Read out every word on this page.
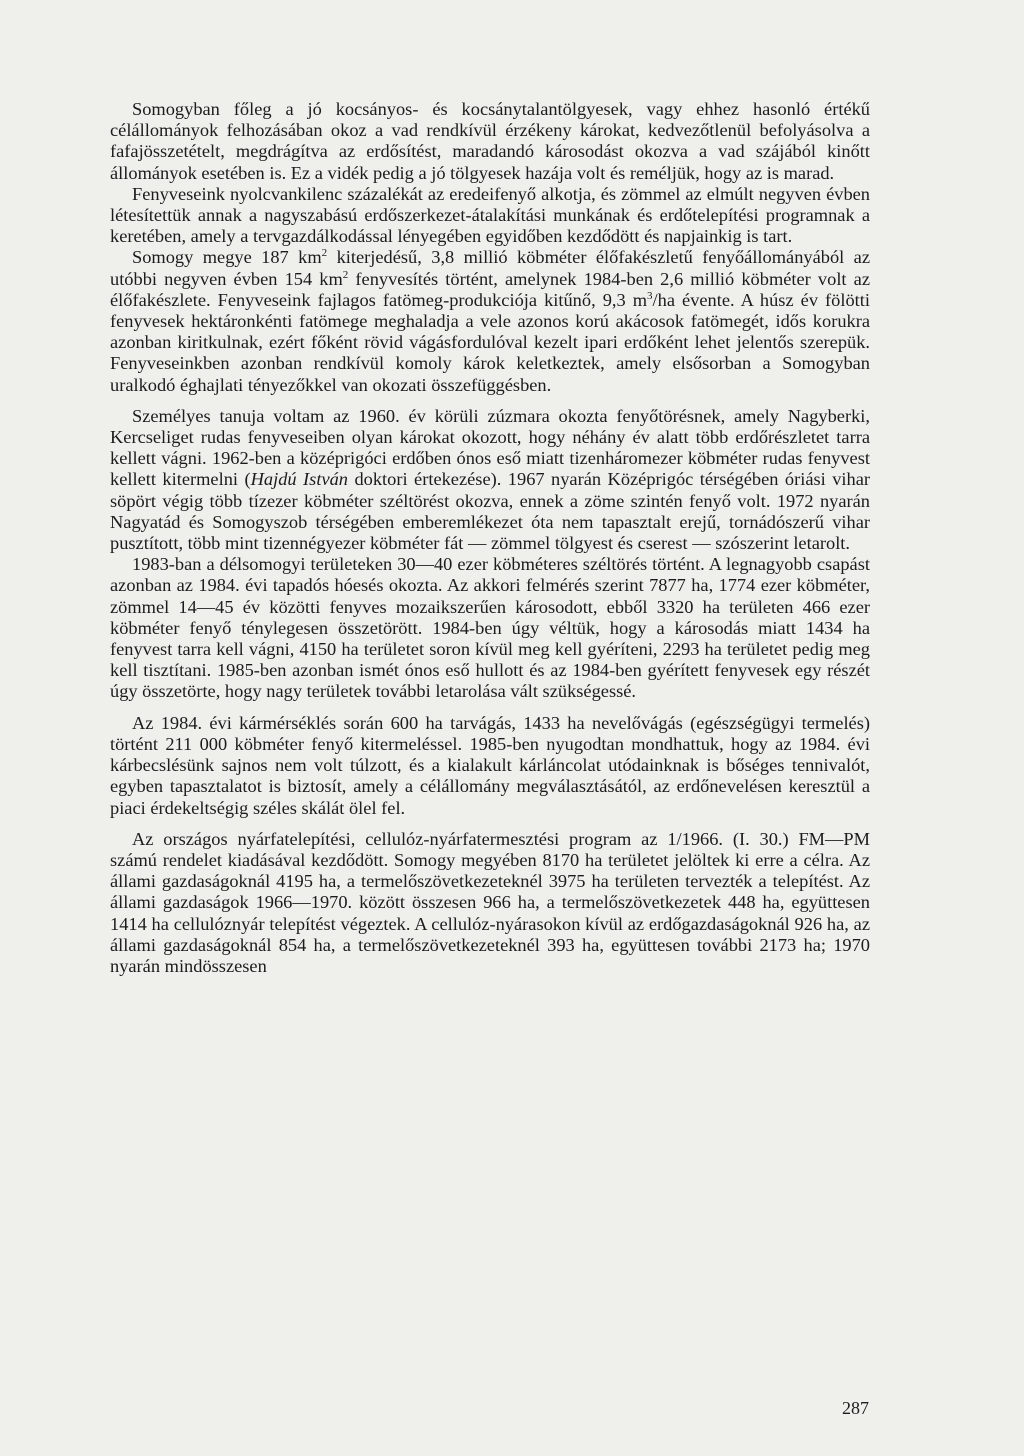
Somogyban főleg a jó kocsányos- és kocsánytalantölgyesek, vagy ehhez hasonló értékű célállományok felhozásában okoz a vad rendkívül érzékeny károkat, kedvezőtlenül befolyásolva a fafajösszetételt, megdrágítva az erdősítést, maradandó károsodást okozva a vad szájából kinőtt állományok esetében is. Ez a vidék pedig a jó tölgyesek hazája volt és reméljük, hogy az is marad.

Fenyveseink nyolcvankilenc százalékát az eredeifenyő alkotja, és zömmel az elmúlt negyven évben létesítettük annak a nagyszabású erdőszerkezet-átalakítási munkának és erdőtelepítési programnak a keretében, amely a tervgazdálkodással lényegében egyidőben kezdődött és napjainkig is tart.

Somogy megye 187 $km^2$ kiterjedésű, 3,8 millió köbméter élőfakészletű fenyőállományából az utóbbi negyven évben 154 $km^2$ fenyvesítés történt, amelynek 1984-ben 2,6 millió köbméter volt az élőfakészlete. Fenyveseink fajlagos fatömeg-produkciója kitűnő, 9,3 $m^3/ha$ évente. A húsz év fölötti fenyvesek hektáronkénti fatömege meghaladja a vele azonos korú akácosok fatömegét, idős korukra azonban kiritkulnak, ezért főként rövid vágásfordulóval kezelt ipari erdőként lehet jelentős szerepük. Fenyveseinkben azonban rendkívül komoly károk keletkeztek, amely elsősorban a Somogyban uralkodó éghajlati tényezőkkel van okozati összefüggésben.

Személyes tanuja voltam az 1960. év körüli zúzmara okozta fenyőtörésnek, amely Nagyberki, Kercseliget rudas fenyveseiben olyan károkat okozott, hogy néhány év alatt több erdőrészletet tarra kellett vágni. 1962-ben a középrigóci erdőben ónos eső miatt tizenháromezer köbméter rudas fenyvest kellett kitermelni (Hajdú István doktori értekezése). 1967 nyarán Középrigóc térségében óriási vihar söpört végig több tízezer köbméter széltörést okozva, ennek a zöme szintén fenyő volt. 1972 nyarán Nagyatád és Somogyszob térségében emberemlékezet óta nem tapasztalt erejű, tornádószerű vihar pusztított, több mint tizennégyezer köbméter fát — zömmel tölgyest és cserest — szószerint letarolt.

1983-ban a délsomogyi területeken 30—40 ezer köbméteres széltörés történt. A legnagyobb csapást azonban az 1984. évi tapadós hóesés okozta. Az akkori felmérés szerint 7877 ha, 1774 ezer köbméter, zömmel 14—45 év közötti fenyves mozaikszerűen károsodott, ebből 3320 ha területen 466 ezer köbméter fenyő ténylegesen összetörött. 1984-ben úgy véltük, hogy a károsodás miatt 1434 ha fenyvest tarra kell vágni, 4150 ha területet soron kívül meg kell gyéríteni, 2293 ha területet pedig meg kell tisztítani. 1985-ben azonban ismét ónos eső hullott és az 1984-ben gyérített fenyvesek egy részét úgy összetörte, hogy nagy területek további letarolása vált szükségessé.

Az 1984. évi kármérséklés során 600 ha tarvágás, 1433 ha nevelővágás (egészségügyi termelés) történt 211 000 köbméter fenyő kitermeléssel. 1985-ben nyugodtan mondhattuk, hogy az 1984. évi kárbecslésünk sajnos nem volt túlzott, és a kialakult kárláncolat utódainknak is bőséges tennivalót, egyben tapasztalatot is biztosít, amely a célállomány megválasztásától, az erdőnevelésen keresztül a piaci érdekeltségig széles skálát ölel fel.

Az országos nyárfatelepítési, cellulóz-nyárfatermesztési program az 1/1966. (I. 30.) FM—PM számú rendelet kiadásával kezdődött. Somogy megyében 8170 ha területet jelöltek ki erre a célra. Az állami gazdaságoknál 4195 ha, a termelőszövetkezeteknél 3975 ha területen tervezték a telepítést. Az állami gazdaságok 1966—1970. között összesen 966 ha, a termelőszövetkezetek 448 ha, együttesen 1414 ha cellulóznyár telepítést végeztek. A cellulóz-nyárasokon kívül az erdőgazdaságoknál 926 ha, az állami gazdaságoknál 854 ha, a termelőszövetkezeteknél 393 ha, együttesen további 2173 ha; 1970 nyarán mindösszesen

287
